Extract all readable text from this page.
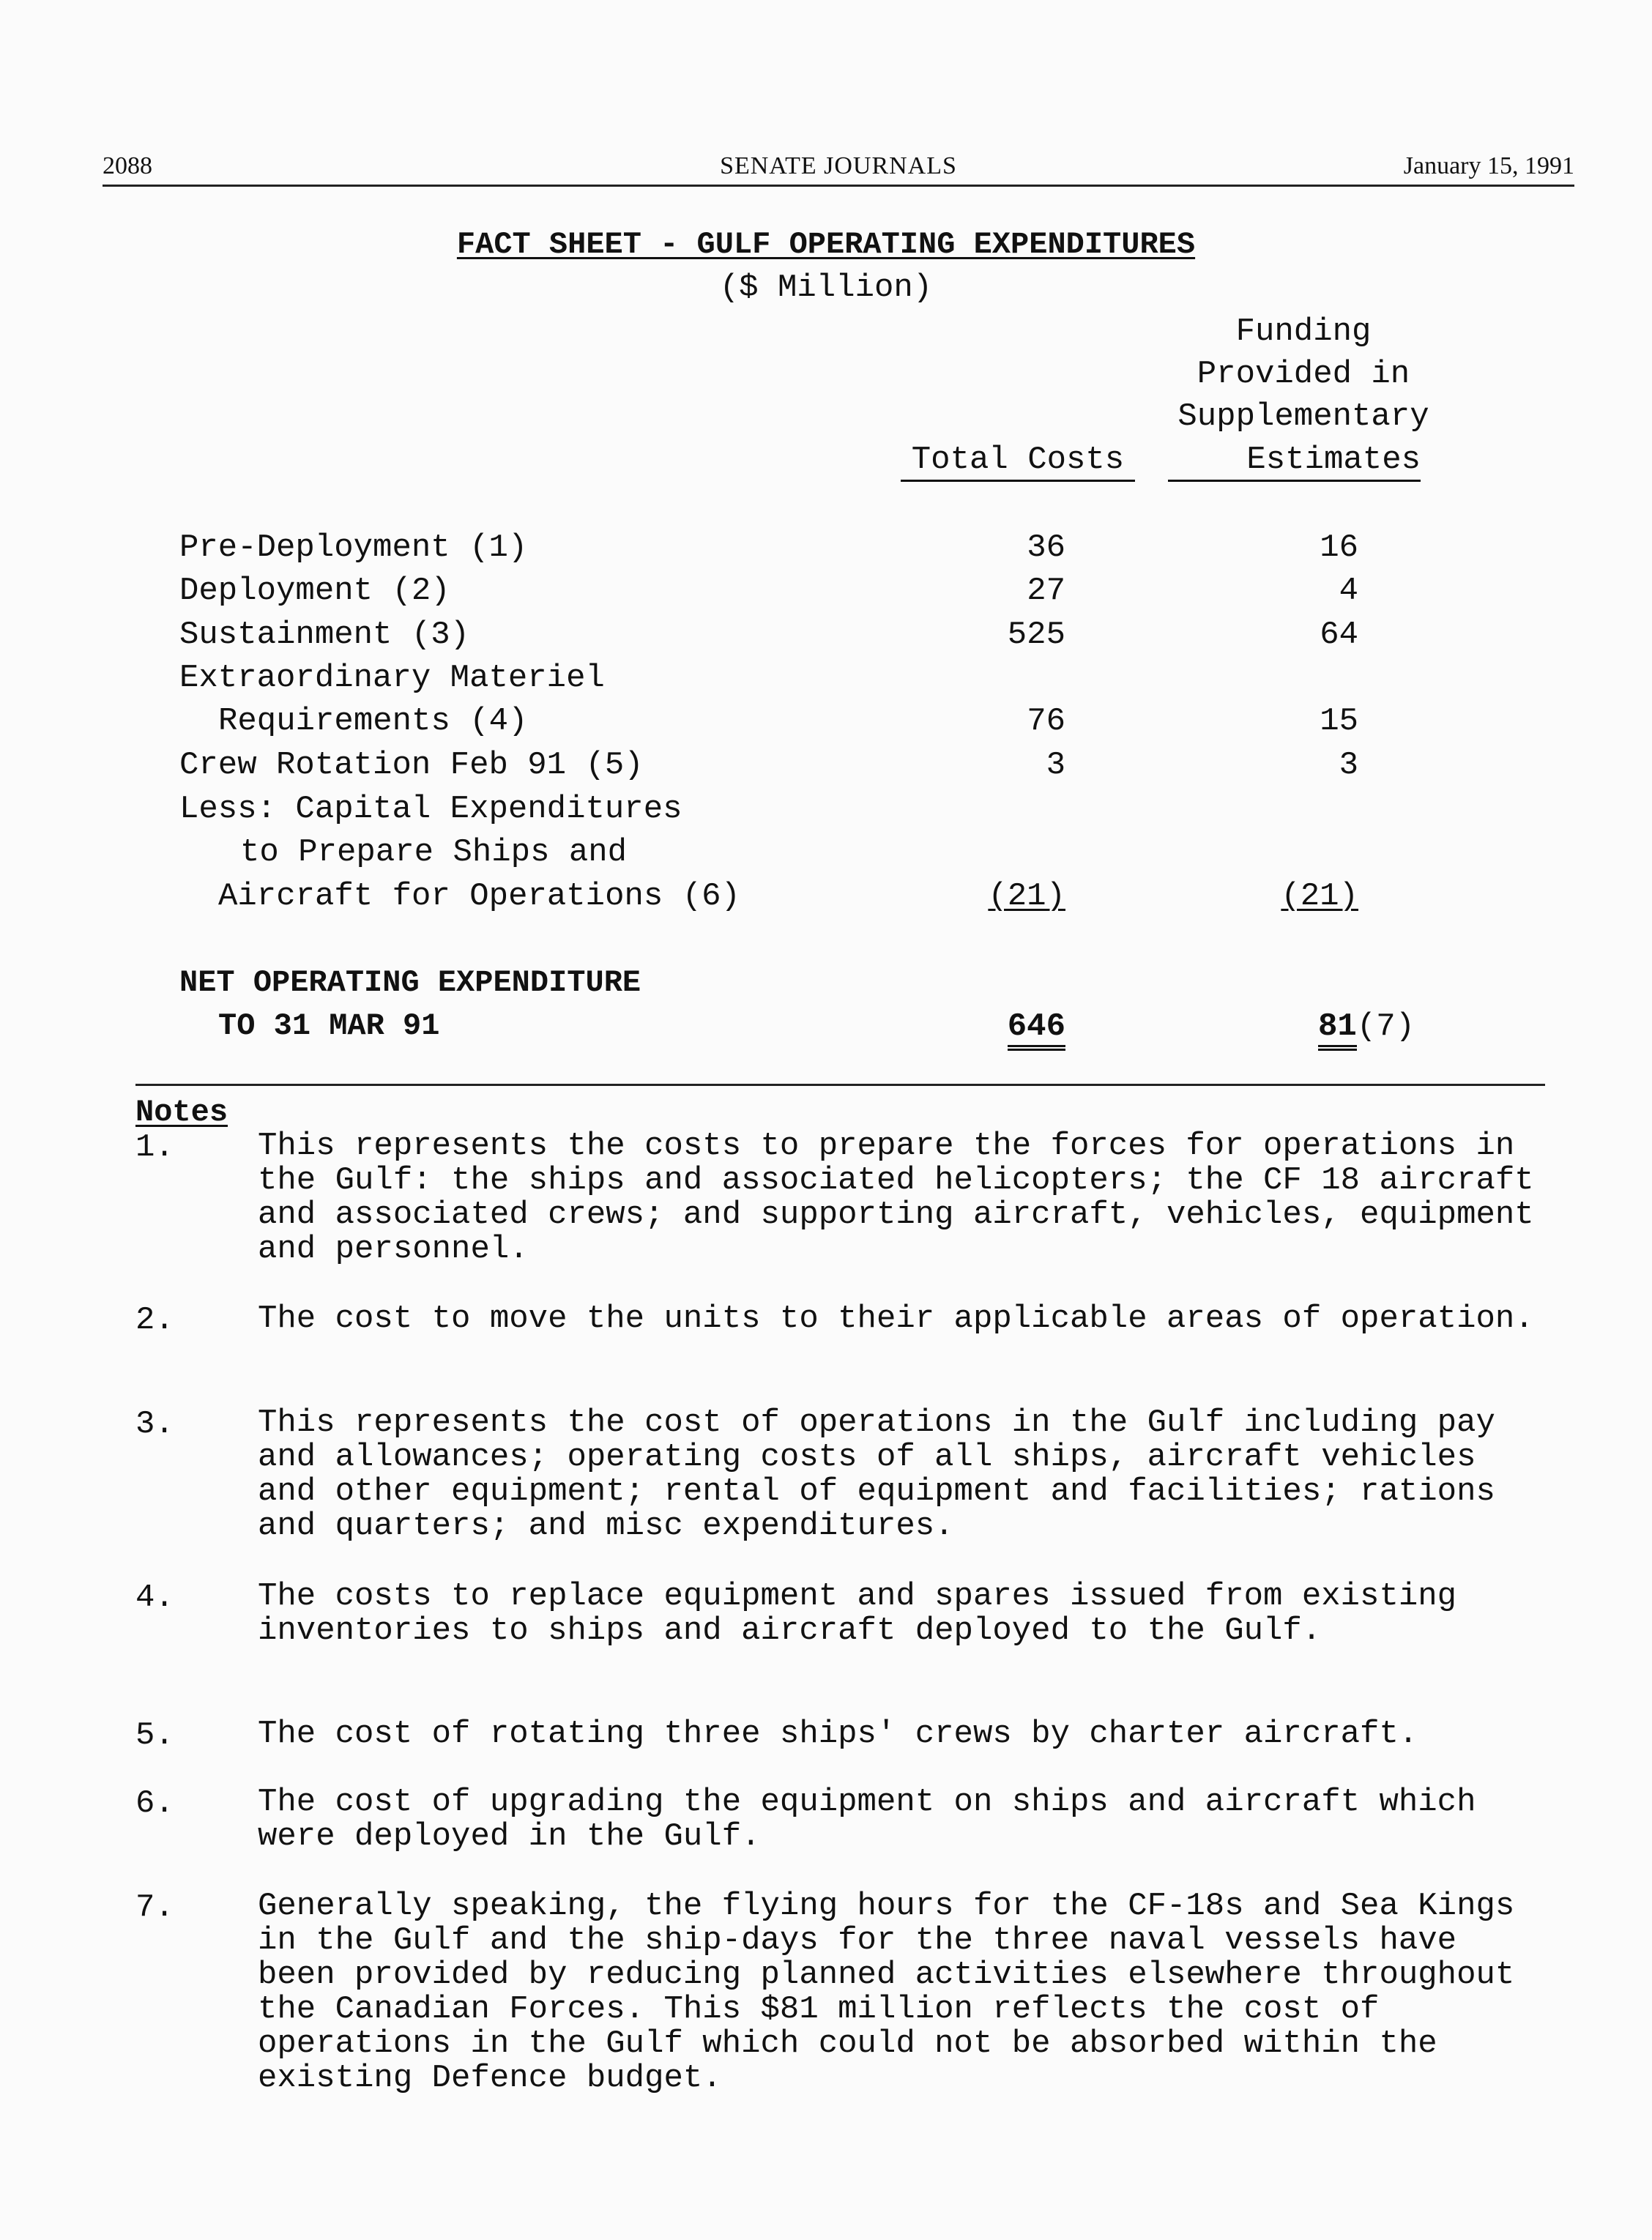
2088	SENATE JOURNALS	January 15, 1991
FACT SHEET - GULF OPERATING EXPENDITURES
($ Million)
Funding
Provided in
Supplementary
Total Costs	Estimates
Pre-Deployment (1)	36	16
Deployment (2)	27	4
Sustainment (3)	525	64
Extraordinary Materiel
Requirements (4)	76	15
Crew Rotation Feb 91 (5)	3	3
Less: Capital Expenditures
to Prepare Ships and
Aircraft for Operations (6)	(21)	(21)
NET OPERATING EXPENDITURE
TO 31 MAR 91	646	81(7)
Notes
1.	This represents the costs to prepare the forces for operations in the Gulf: the ships and associated helicopters; the CF 18 aircraft and associated crews; and supporting aircraft, vehicles, equipment and personnel.
2.	The cost to move the units to their applicable areas of operation.
3.	This represents the cost of operations in the Gulf including pay and allowances; operating costs of all ships, aircraft vehicles and other equipment; rental of equipment and facilities; rations and quarters; and misc expenditures.
4.	The costs to replace equipment and spares issued from existing inventories to ships and aircraft deployed to the Gulf.
5.	The cost of rotating three ships' crews by charter aircraft.
6.	The cost of upgrading the equipment on ships and aircraft which were deployed in the Gulf.
7.	Generally speaking, the flying hours for the CF-18s and Sea Kings in the Gulf and the ship-days for the three naval vessels have been provided by reducing planned activities elsewhere throughout the Canadian Forces. This $81 million reflects the cost of operations in the Gulf which could not be absorbed within the existing Defence budget.
